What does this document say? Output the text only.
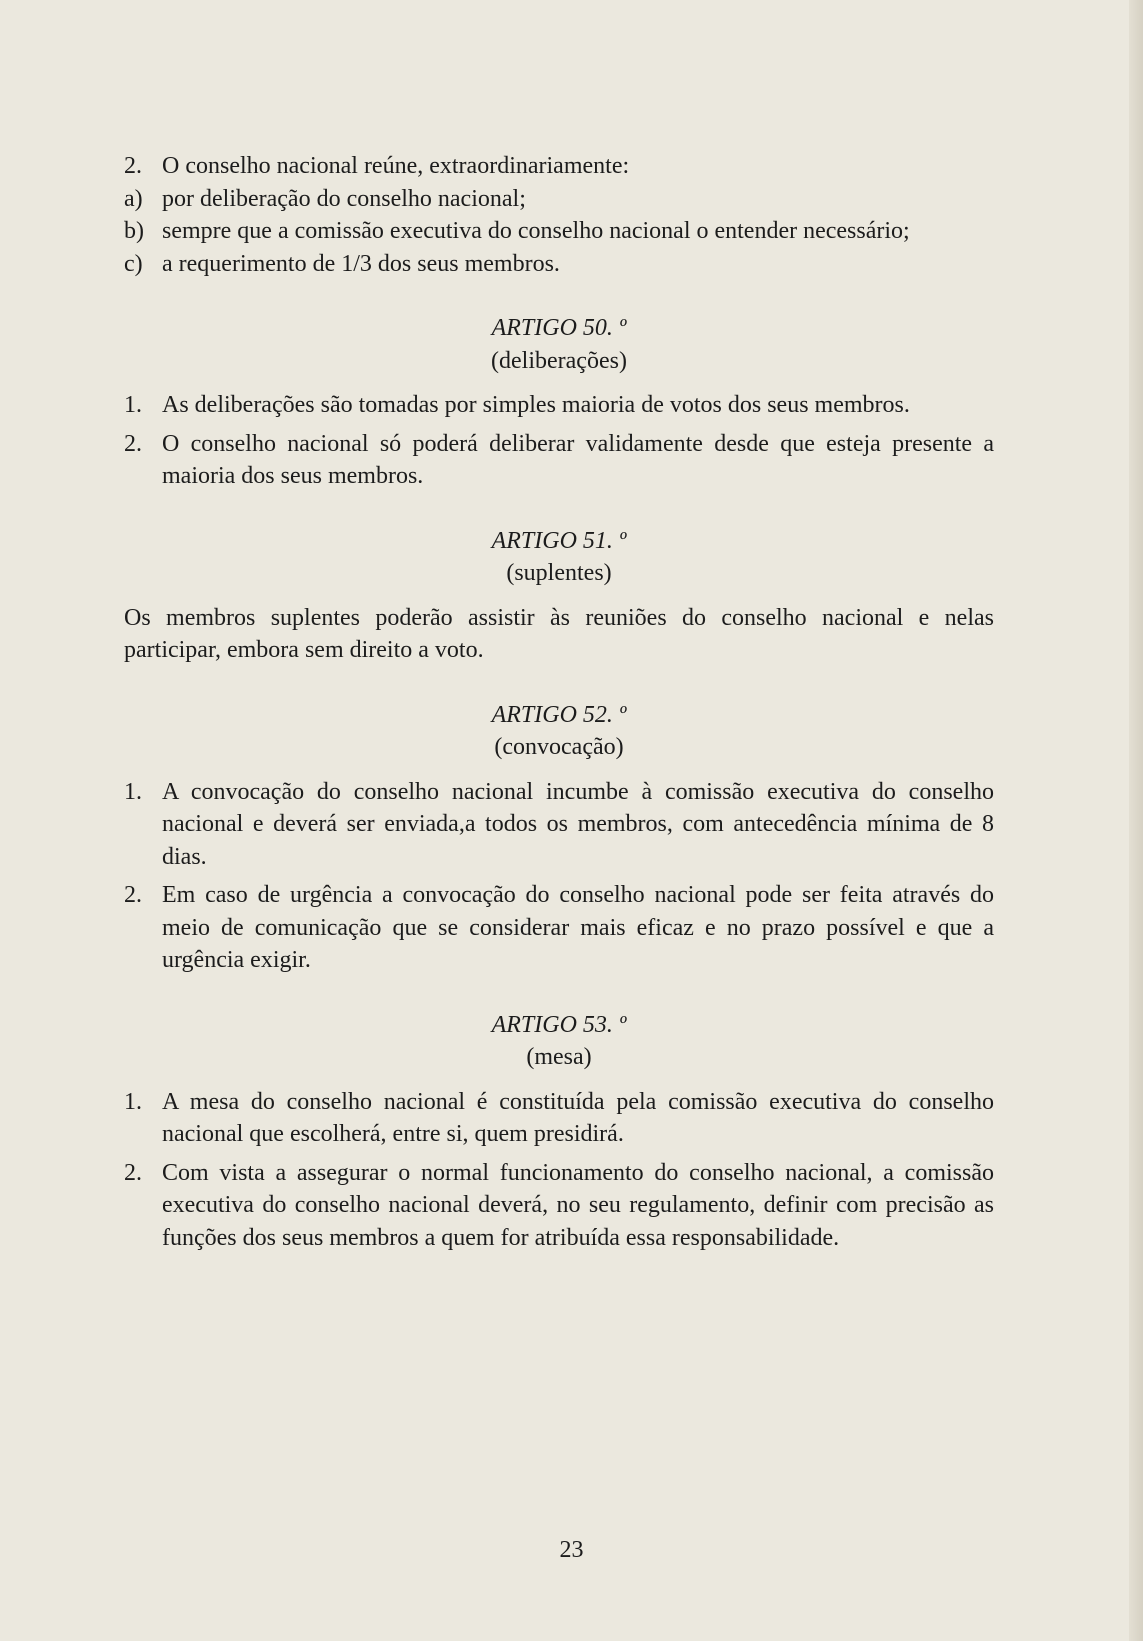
2. O conselho nacional reúne, extraordinariamente:
a) por deliberação do conselho nacional;
b) sempre que a comissão executiva do conselho nacional o entender necessário;
c) a requerimento de 1/3 dos seus membros.
ARTIGO 50. º
(deliberações)
1. As deliberações são tomadas por simples maioria de votos dos seus membros.
2. O conselho nacional só poderá deliberar validamente desde que esteja presente a maioria dos seus membros.
ARTIGO 51. º
(suplentes)
Os membros suplentes poderão assistir às reuniões do conselho nacional e nelas participar, embora sem direito a voto.
ARTIGO 52. º
(convocação)
1. A convocação do conselho nacional incumbe à comissão executiva do conselho nacional e deverá ser enviada,a todos os membros, com antecedência mínima de 8 dias.
2. Em caso de urgência a convocação do conselho nacional pode ser feita através do meio de comunicação que se considerar mais eficaz e no prazo possível e que a urgência exigir.
ARTIGO 53. º
(mesa)
1. A mesa do conselho nacional é constituída pela comissão executiva do conselho nacional que escolherá, entre si, quem presidirá.
2. Com vista a assegurar o normal funcionamento do conselho nacional, a comissão executiva do conselho nacional deverá, no seu regulamento, definir com precisão as funções dos seus membros a quem for atribuída essa responsabilidade.
23
